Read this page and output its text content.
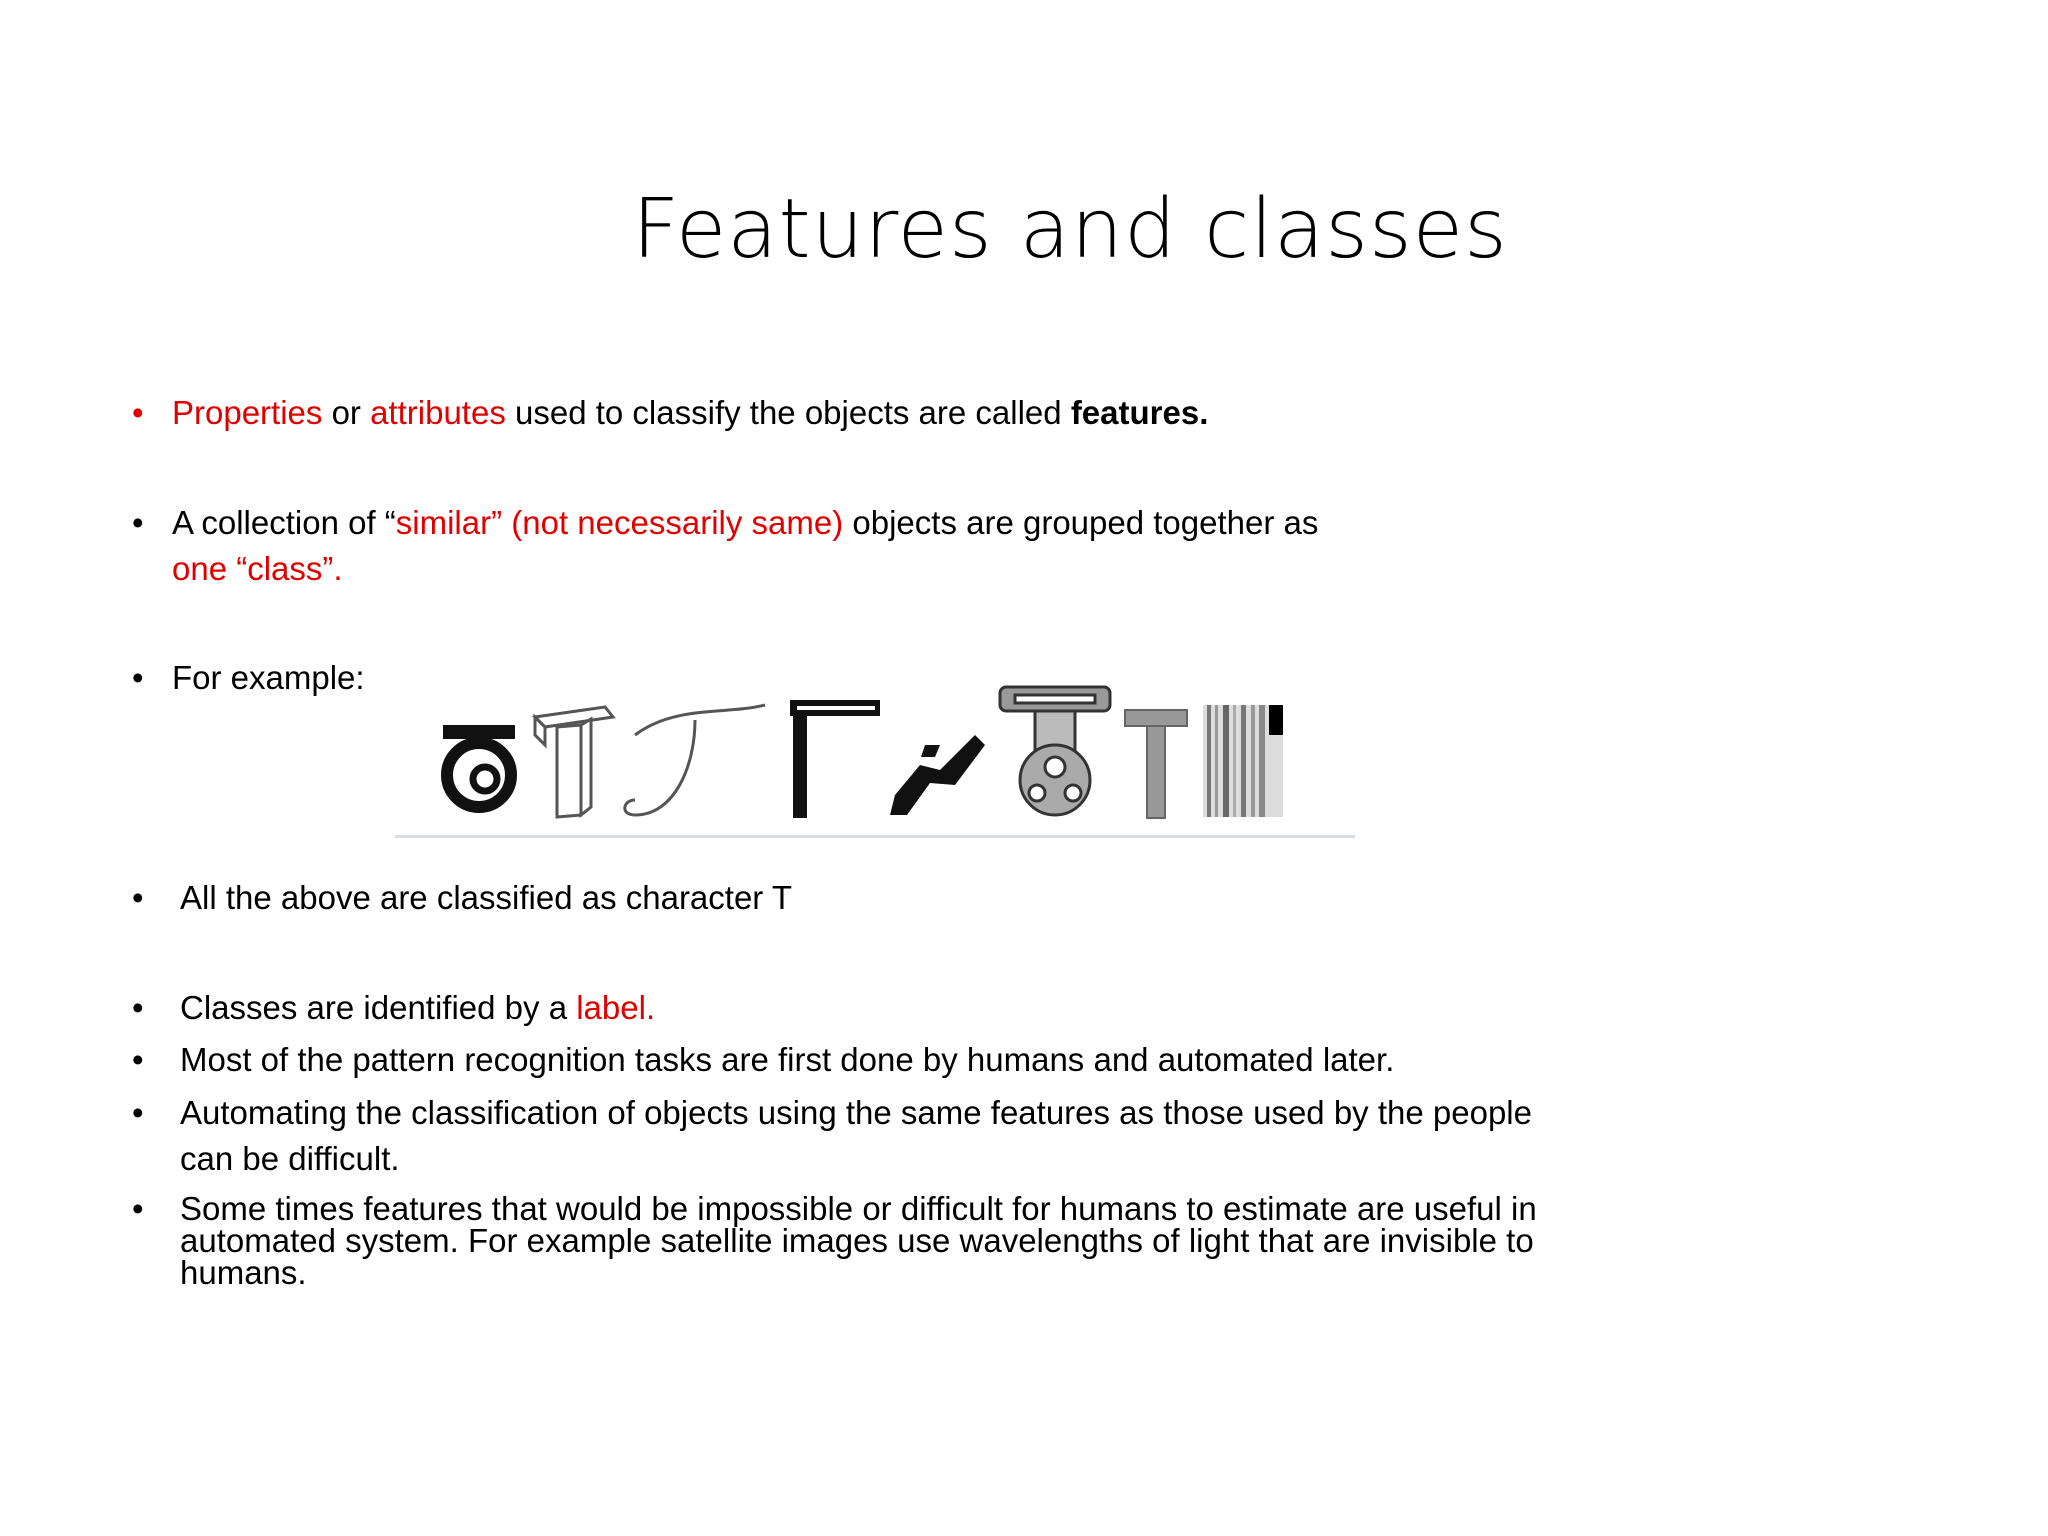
Features and classes
• Properties or attributes used to classify the objects are called features.
• A collection of “similar” (not necessarily same) objects are grouped together as
one “class”.
• For example:
•	All the above are classified as character T
•	Classes are identified by a label.
•	Most of the pattern recognition tasks are first done by humans and automated later.
•	Automating the classification of objects using the same features as those used by the people
can be difficult.
•	Some times features that would be impossible or difficult for humans to estimate are useful in
automated system. For example satellite images use wavelengths of light that are invisible to
humans.
